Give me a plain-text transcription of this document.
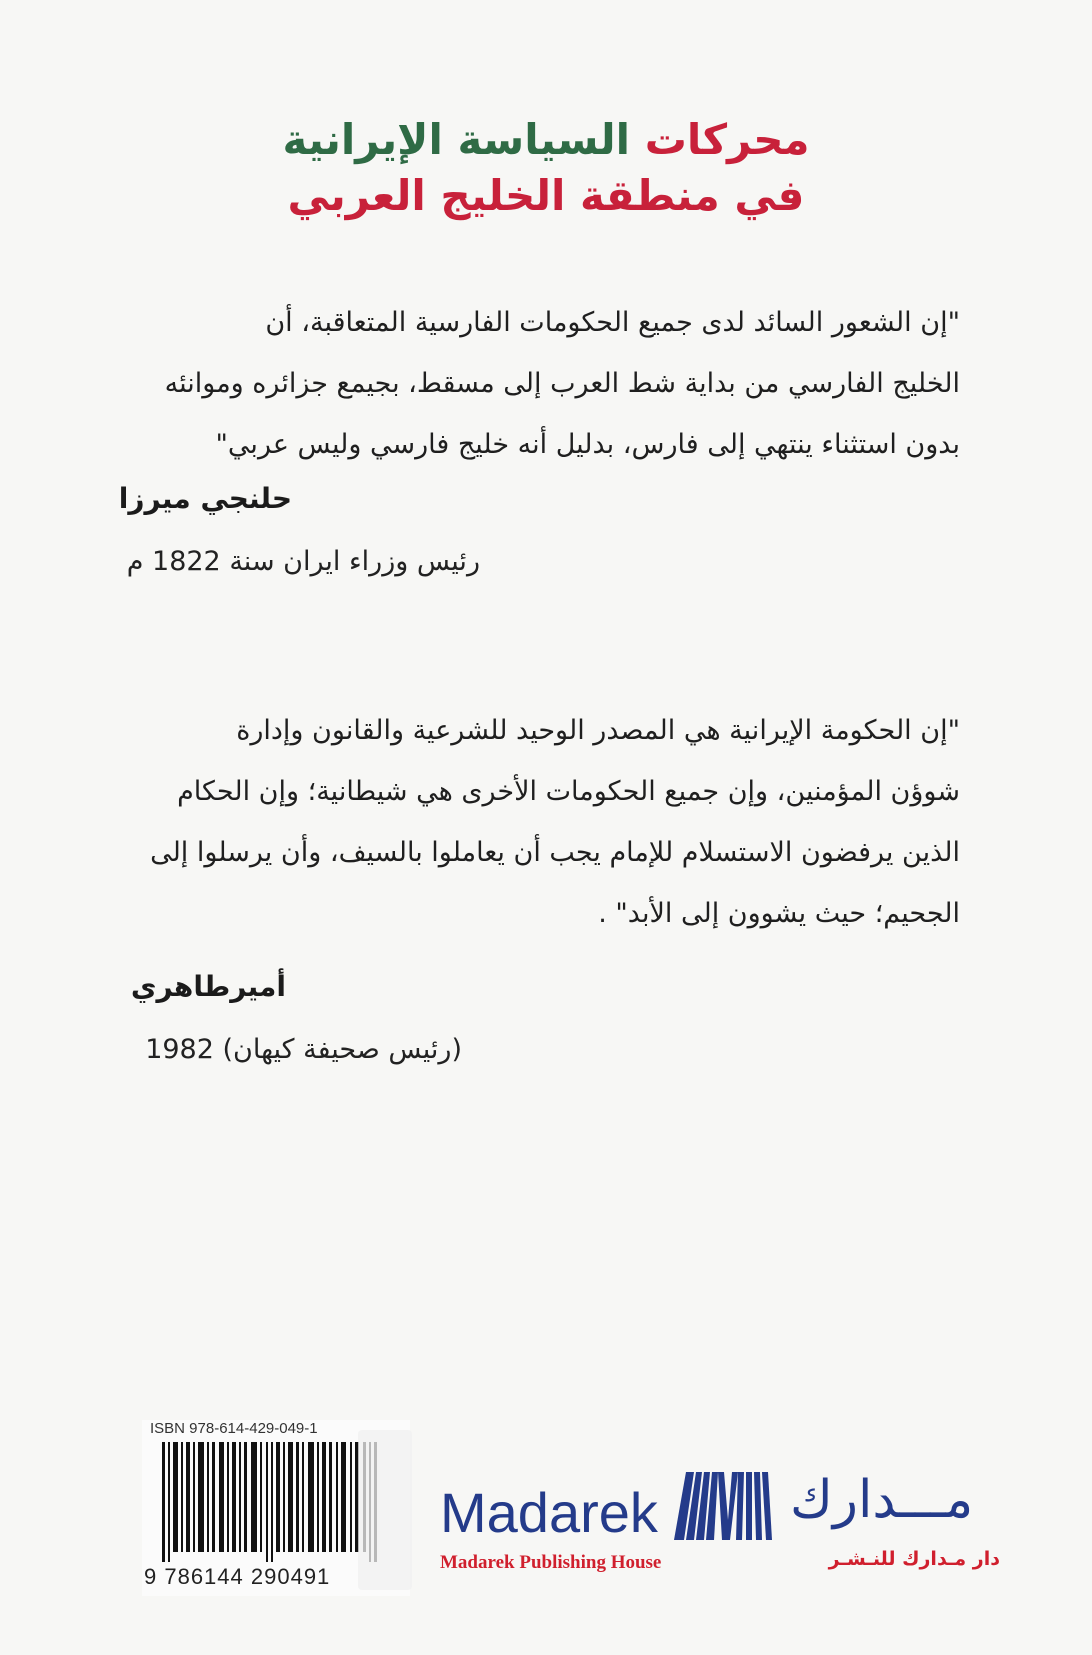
محركات السياسة الإيرانية
في منطقة الخليج العربي
"إن الشعور السائد لدى جميع الحكومات الفارسية المتعاقبة، أن
الخليج الفارسي من بداية شط العرب إلى مسقط، بجيمع جزائره وموانئه
بدون استثناء ينتهي إلى فارس، بدليل أنه خليج فارسي وليس عربي"
حلنجي ميرزا
رئيس وزراء ايران سنة 1822 م
"إن الحكومة الإيرانية هي المصدر الوحيد للشرعية والقانون وإدارة
شوؤن المؤمنين، وإن جميع الحكومات الأخرى هي شيطانية؛ وإن الحكام
الذين يرفضون الاستسلام للإمام يجب أن يعاملوا بالسيف، وأن يرسلوا إلى
الجحيم؛ حيث يشوون إلى الأبد" .
أميرطاهري
(رئيس صحيفة كيهان) 1982
ISBN 978-614-429-049-1
9 786144 290491
Madarek	مـــدارك
Madarek Publishing House	دار مـدارك للنـشـر
